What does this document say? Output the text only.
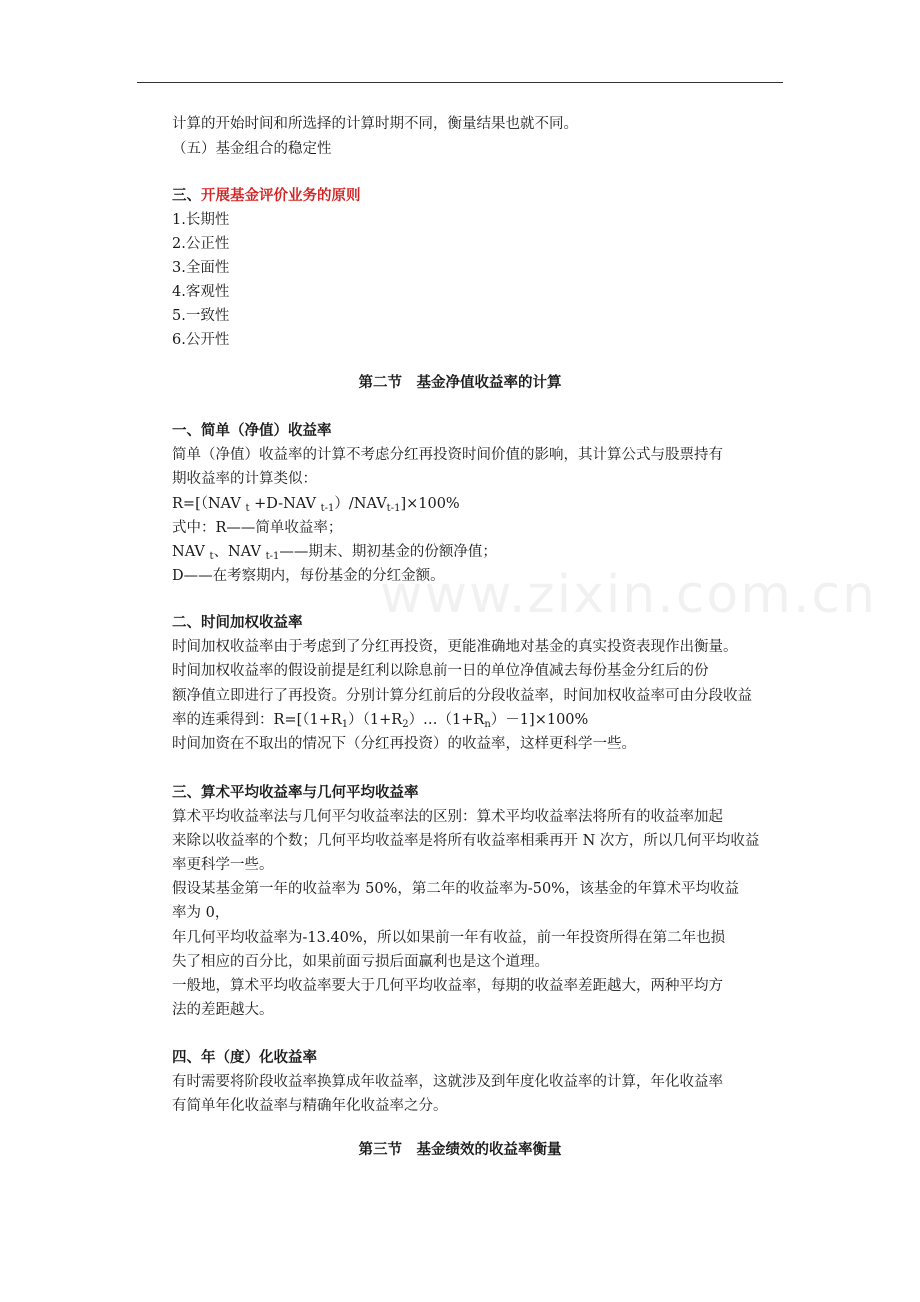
www.zixin.com.cn
计算的开始时间和所选择的计算时期不同，衡量结果也就不同。
（五）基金组合的稳定性
三、开展基金评价业务的原则
1.长期性
2.公正性
3.全面性
4.客观性
5.一致性
6.公开性
第二节　基金净值收益率的计算
一、简单（净值）收益率
简单（净值）收益率的计算不考虑分红再投资时间价值的影响，其计算公式与股票持有
期收益率的计算类似：
R=[（NAV $_t$ +D-NAV $_{t-1})/NAV_{t-1}]\times 100\%$
式中：R——简单收益率；
NAV $_t$、NAV $_{t-1}$——期末、期初基金的份额净值；
D——在考察期内，每份基金的分红金额。
二、时间加权收益率
时间加权收益率由于考虑到了分红再投资，更能准确地对基金的真实投资表现作出衡量。
时间加权收益率的假设前提是红利以除息前一日的单位净值减去每份基金分红后的份
额净值立即进行了再投资。分别计算分红前后的分段收益率，时间加权收益率可由分段收益
率的连乘得到：$R=[(1+R_1)(1+R_2)\dots(1+R_n)-1]\times 100\%$
时间加资在不取出的情况下（分红再投资）的收益率，这样更科学一些。
三、算术平均收益率与几何平均收益率
算术平均收益率法与几何平匀收益率法的区别：算术平均收益率法将所有的收益率加起
来除以收益率的个数；几何平均收益率是将所有收益率相乘再开 N 次方，所以几何平均收益
率更科学一些。
假设某基金第一年的收益率为 50%，第二年的收益率为-50%，该基金的年算术平均收益
率为 0，
年几何平均收益率为-13.40%，所以如果前一年有收益，前一年投资所得在第二年也损
失了相应的百分比，如果前面亏损后面赢利也是这个道理。
一般地，算术平均收益率要大于几何平均收益率，每期的收益率差距越大，两种平均方
法的差距越大。
四、年（度）化收益率
有时需要将阶段收益率换算成年收益率，这就涉及到年度化收益率的计算，年化收益率
有简单年化收益率与精确年化收益率之分。
第三节　基金绩效的收益率衡量
